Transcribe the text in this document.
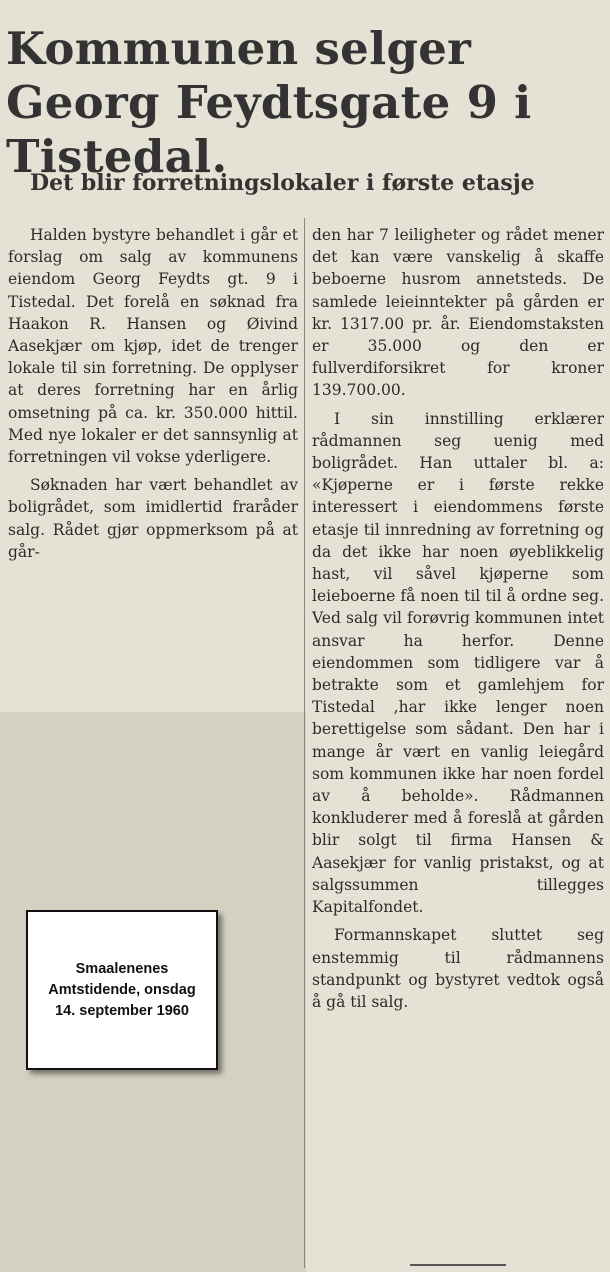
Kommunen selger Georg Feydtsgate 9 i Tistedal.
Det blir forretningslokaler i første etasje

Halden bystyre behandlet i går et forslag om salg av kommunens eiendom Georg Feydts gt. 9 i Tistedal. Det forelå en søknad fra Haakon R. Hansen og Øivind Aasekjær om kjøp, idet de trenger lokale til sin forretning. De opplyser at deres forretning har en årlig omsetning på ca. kr. 350.000 hittil. Med nye lokaler er det sannsynlig at forretningen vil vokse yderligere.

Søknaden har vært behandlet av boligrådet, som imidlertid fraråder salg. Rådet gjør oppmerksom på at går-

den har 7 leiligheter og rådet mener det kan være vanskelig å skaffe beboerne husrom annetsteds. De samlede leieinntekter på gården er kr. 1317.00 pr. år. Eiendomstaksten er 35.000 og den er fullverdiforsikret for kroner 139.700.00.

I sin innstilling erklærer rådmannen seg uenig med boligrådet. Han uttaler bl. a: «Kjøperne er i første rekke interessert i eiendommens første etasje til innredning av forretning og da det ikke har noen øyeblikkelig hast, vil såvel kjøperne som leieboerne få noen til til å ordne seg. Ved salg vil forøvrig kommunen intet ansvar ha herfor. Denne eiendommen som tidligere var å betrakte som et gamlehjem for Tistedal ,har ikke lenger noen berettigelse som sådant. Den har i mange år vært en vanlig leiegård som kommunen ikke har noen fordel av å beholde». Rådmannen konkluderer med å foreslå at gården blir solgt til firma Hansen & Aasekjær for vanlig pristakst, og at salgssummen tillegges Kapitalfondet.

Formannskapet sluttet seg enstemmig til rådmannens standpunkt og bystyret vedtok også å gå til salg.

Smaalenenes
Amtstidende, onsdag
14. september 1960
